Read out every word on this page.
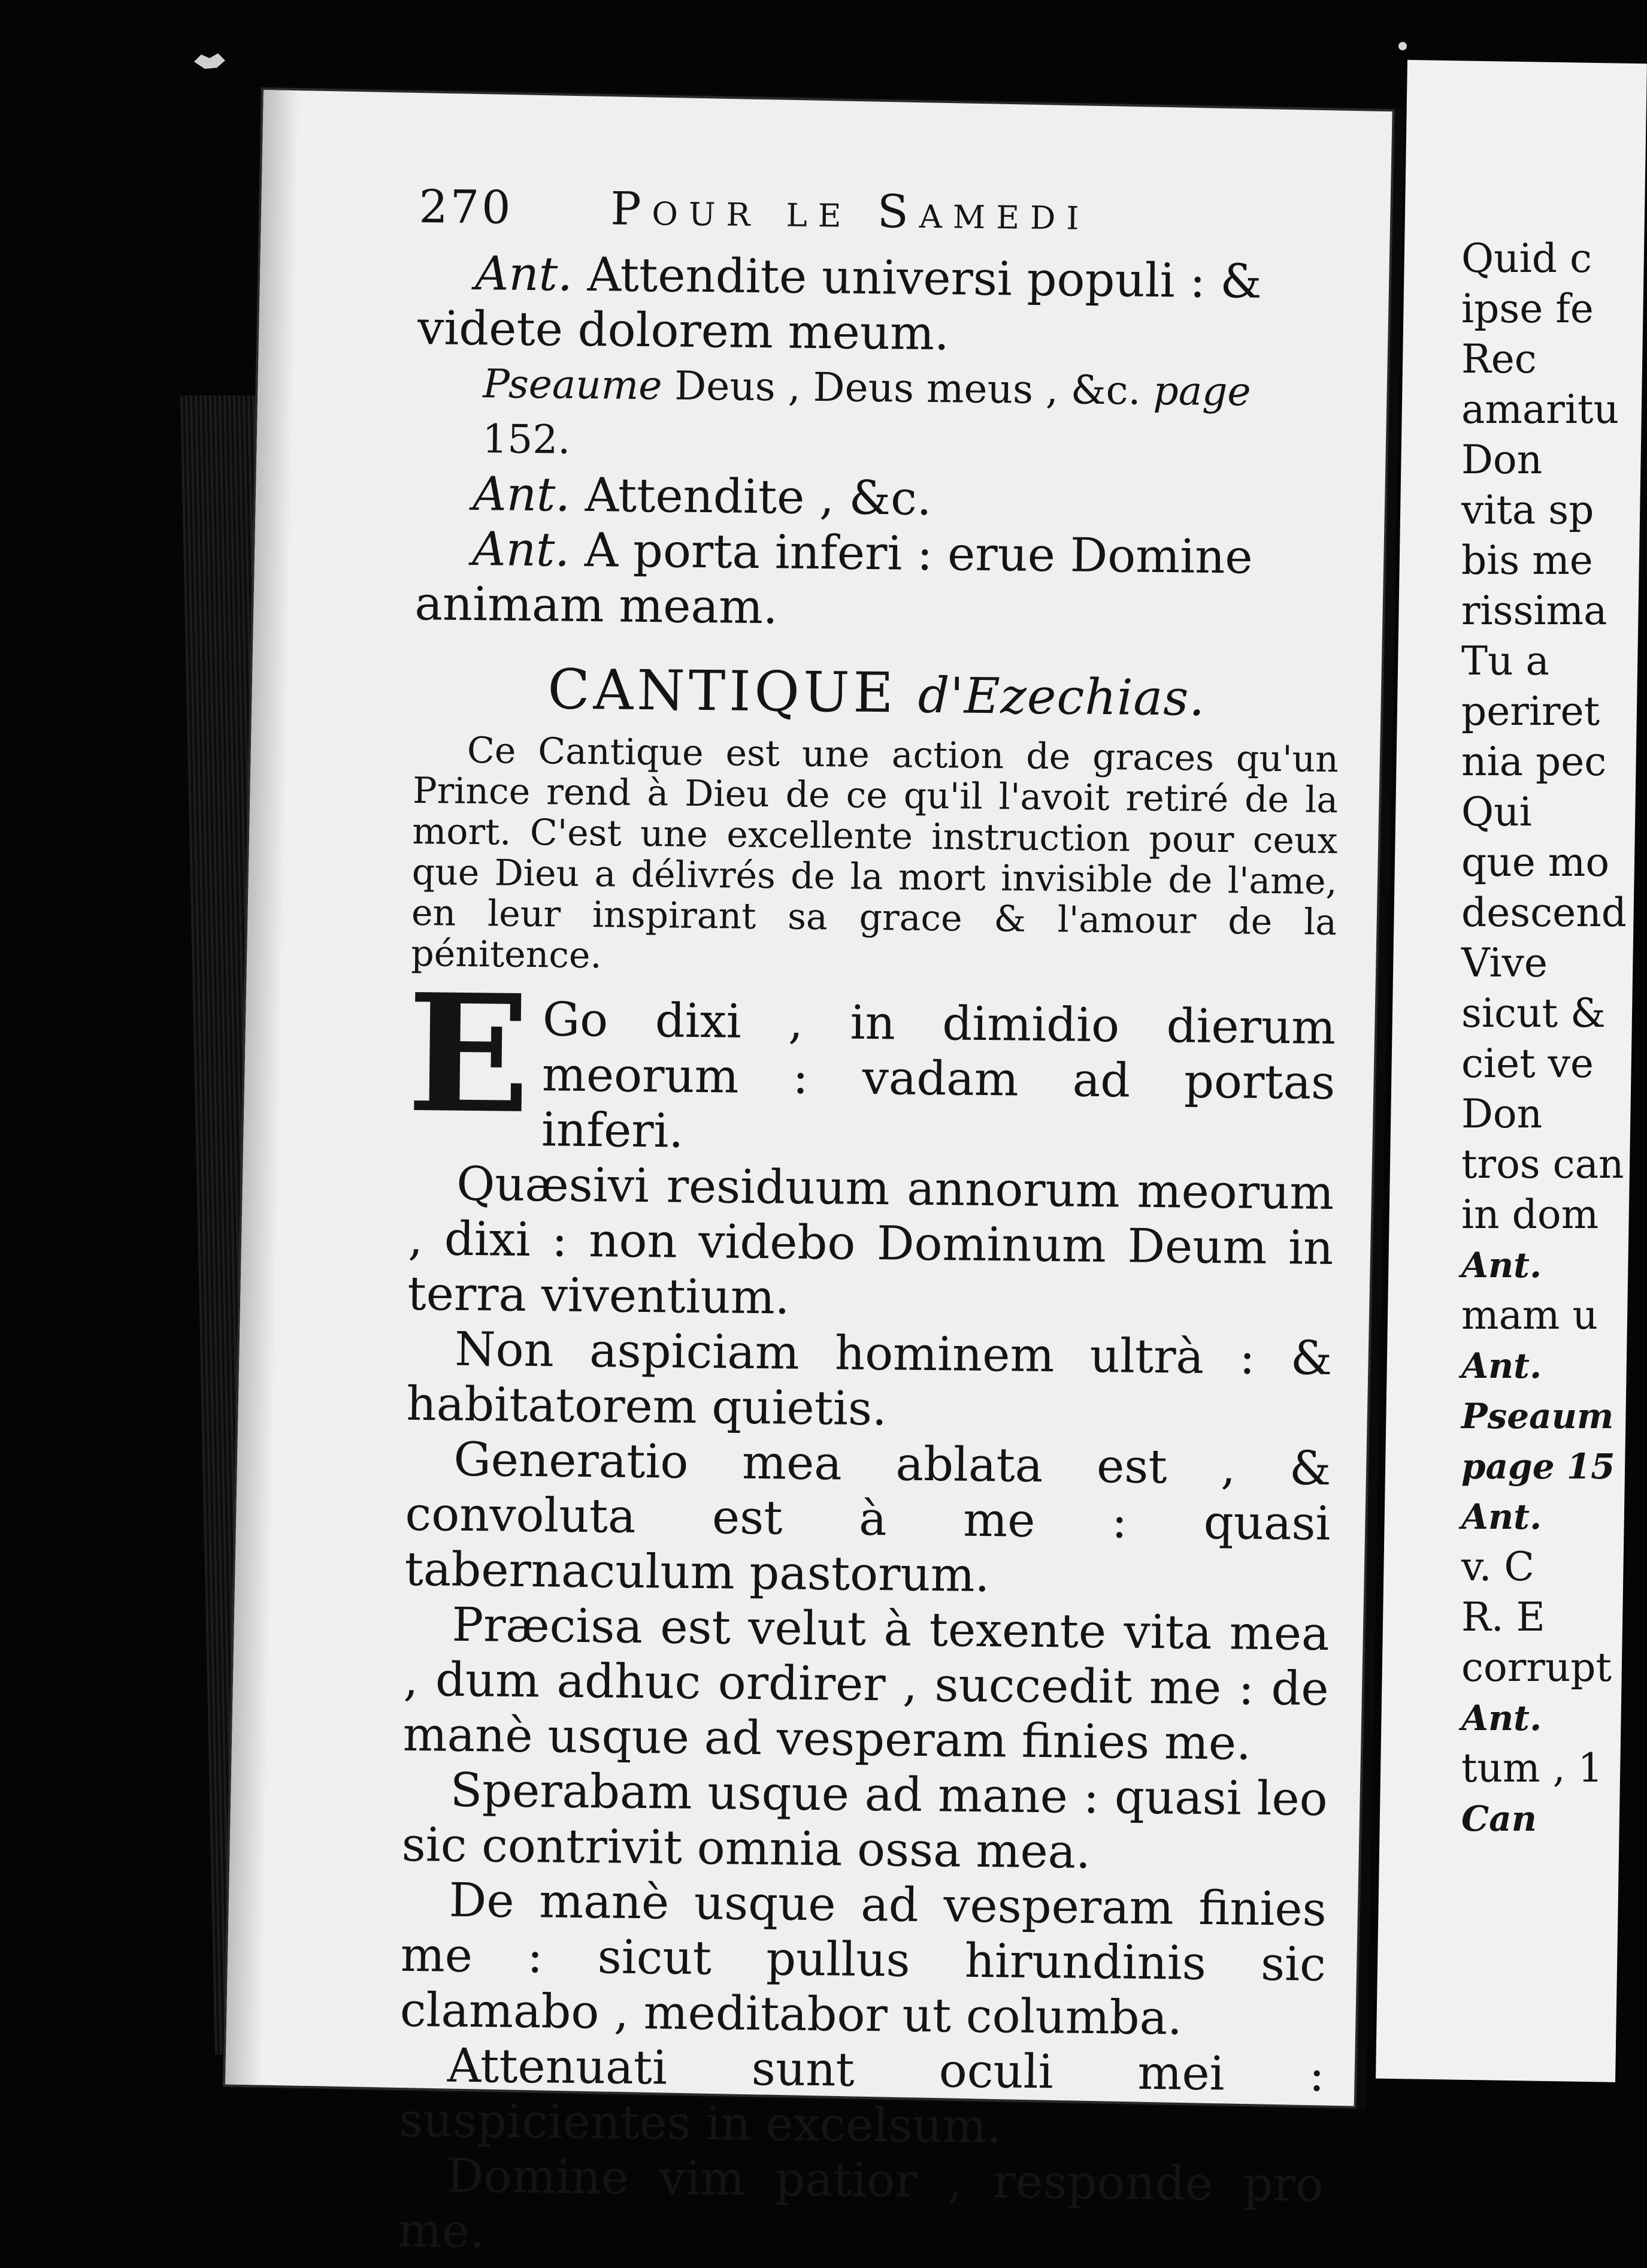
Quid c
ipse fe
Rec
amaritu
Don
vita sp
bis me
rissima
Tu a
periret
nia pec
Qui
que mo
descend
Vive
sicut &
ciet ve
Don
tros can
in dom
Ant.
mam u
Ant.
Pseaum
page 15
Ant.
v. C
R. E
corrupt
Ant.
tum , 1
Can
270 Pour le Samedi

Ant. Attendite universi populi : & videte dolorem meum.

Pseaume Deus , Deus meus , &c. page 152.

Ant. Attendite , &c.

Ant. A porta inferi : erue Domine animam meam.

CANTIQUE d'Ezechias.

Ce Cantique est une action de graces qu'un Prince rend à Dieu de ce qu'il l'avoit retiré de la mort. C'est une excellente instruction pour ceux que Dieu a délivrés de la mort invisible de l'ame, en leur inspirant sa grace & l'amour de la pénitence.

E Go dixi , in dimidio dierum meorum : vadam ad portas inferi.

Quæsivi residuum annorum meorum , dixi : non videbo Dominum Deum in terra viventium.

Non aspiciam hominem ultrà : & habitatorem quietis.

Generatio mea ablata est , & convoluta est à me : quasi tabernaculum pastorum.

Præcisa est velut à texente vita mea , dum adhuc ordirer , succedit me : de manè usque ad vesperam finies me.

Sperabam usque ad mane : quasi leo sic contrivit omnia ossa mea.

De manè usque ad vesperam finies me : sicut pullus hirundinis sic clamabo , meditabor ut columba.

Attenuati sunt oculi mei : suspicientes in excelsum.

Domine vim patior , responde pro me.
